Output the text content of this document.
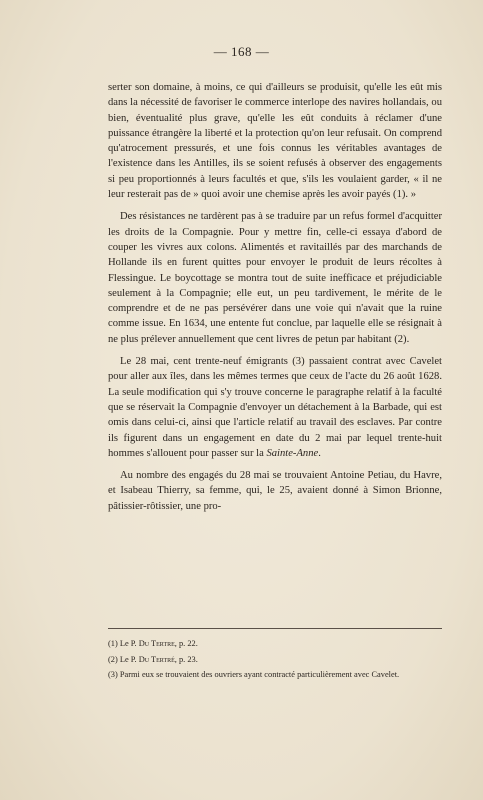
— 168 —

serter son domaine, à moins, ce qui d'ailleurs se produisit, qu'elle les eût mis dans la nécessité de favoriser le commerce interlope des navires hollandais, ou bien, éventualité plus grave, qu'elle les eût conduits à réclamer d'une puissance étrangère la liberté et la protection qu'on leur refusait. On comprend qu'atrocement pressurés, et une fois connus les véritables avantages de l'existence dans les Antilles, ils se soient refusés à observer des engagements si peu proportionnés à leurs facultés et que, s'ils les voulaient garder, « il ne leur resterait pas de » quoi avoir une chemise après les avoir payés (1). »

Des résistances ne tardèrent pas à se traduire par un refus formel d'acquitter les droits de la Compagnie. Pour y mettre fin, celle-ci essaya d'abord de couper les vivres aux colons. Alimentés et ravitaillés par des marchands de Hollande ils en furent quittes pour envoyer le produit de leurs récoltes à Flessingue. Le boycottage se montra tout de suite inefficace et préjudiciable seulement à la Compagnie; elle eut, un peu tardivement, le mérite de le comprendre et de ne pas persévérer dans une voie qui n'avait que la ruine comme issue. En 1634, une entente fut conclue, par laquelle elle se résignait à ne plus prélever annuellement que cent livres de petun par habitant (2).

Le 28 mai, cent trente-neuf émigrants (3) passaient contrat avec Cavelet pour aller aux îles, dans les mêmes termes que ceux de l'acte du 26 août 1628. La seule modification qui s'y trouve concerne le paragraphe relatif à la faculté que se réservait la Compagnie d'envoyer un détachement à la Barbade, qui est omis dans celui-ci, ainsi que l'article relatif au travail des esclaves. Par contre ils figurent dans un engagement en date du 2 mai par lequel trente-huit hommes s'allouent pour passer sur la Sainte-Anne.

Au nombre des engagés du 28 mai se trouvaient Antoine Petiau, du Havre, et Isabeau Thierry, sa femme, qui, le 25, avaient donné à Simon Brionne, pâtissier-rôtissier, une pro-

(1) Le P. Du Tertre, p. 22.
(2) Le P. Du Tertré, p. 23.
(3) Parmi eux se trouvaient des ouvriers ayant contracté particulièrement avec Cavelet.
